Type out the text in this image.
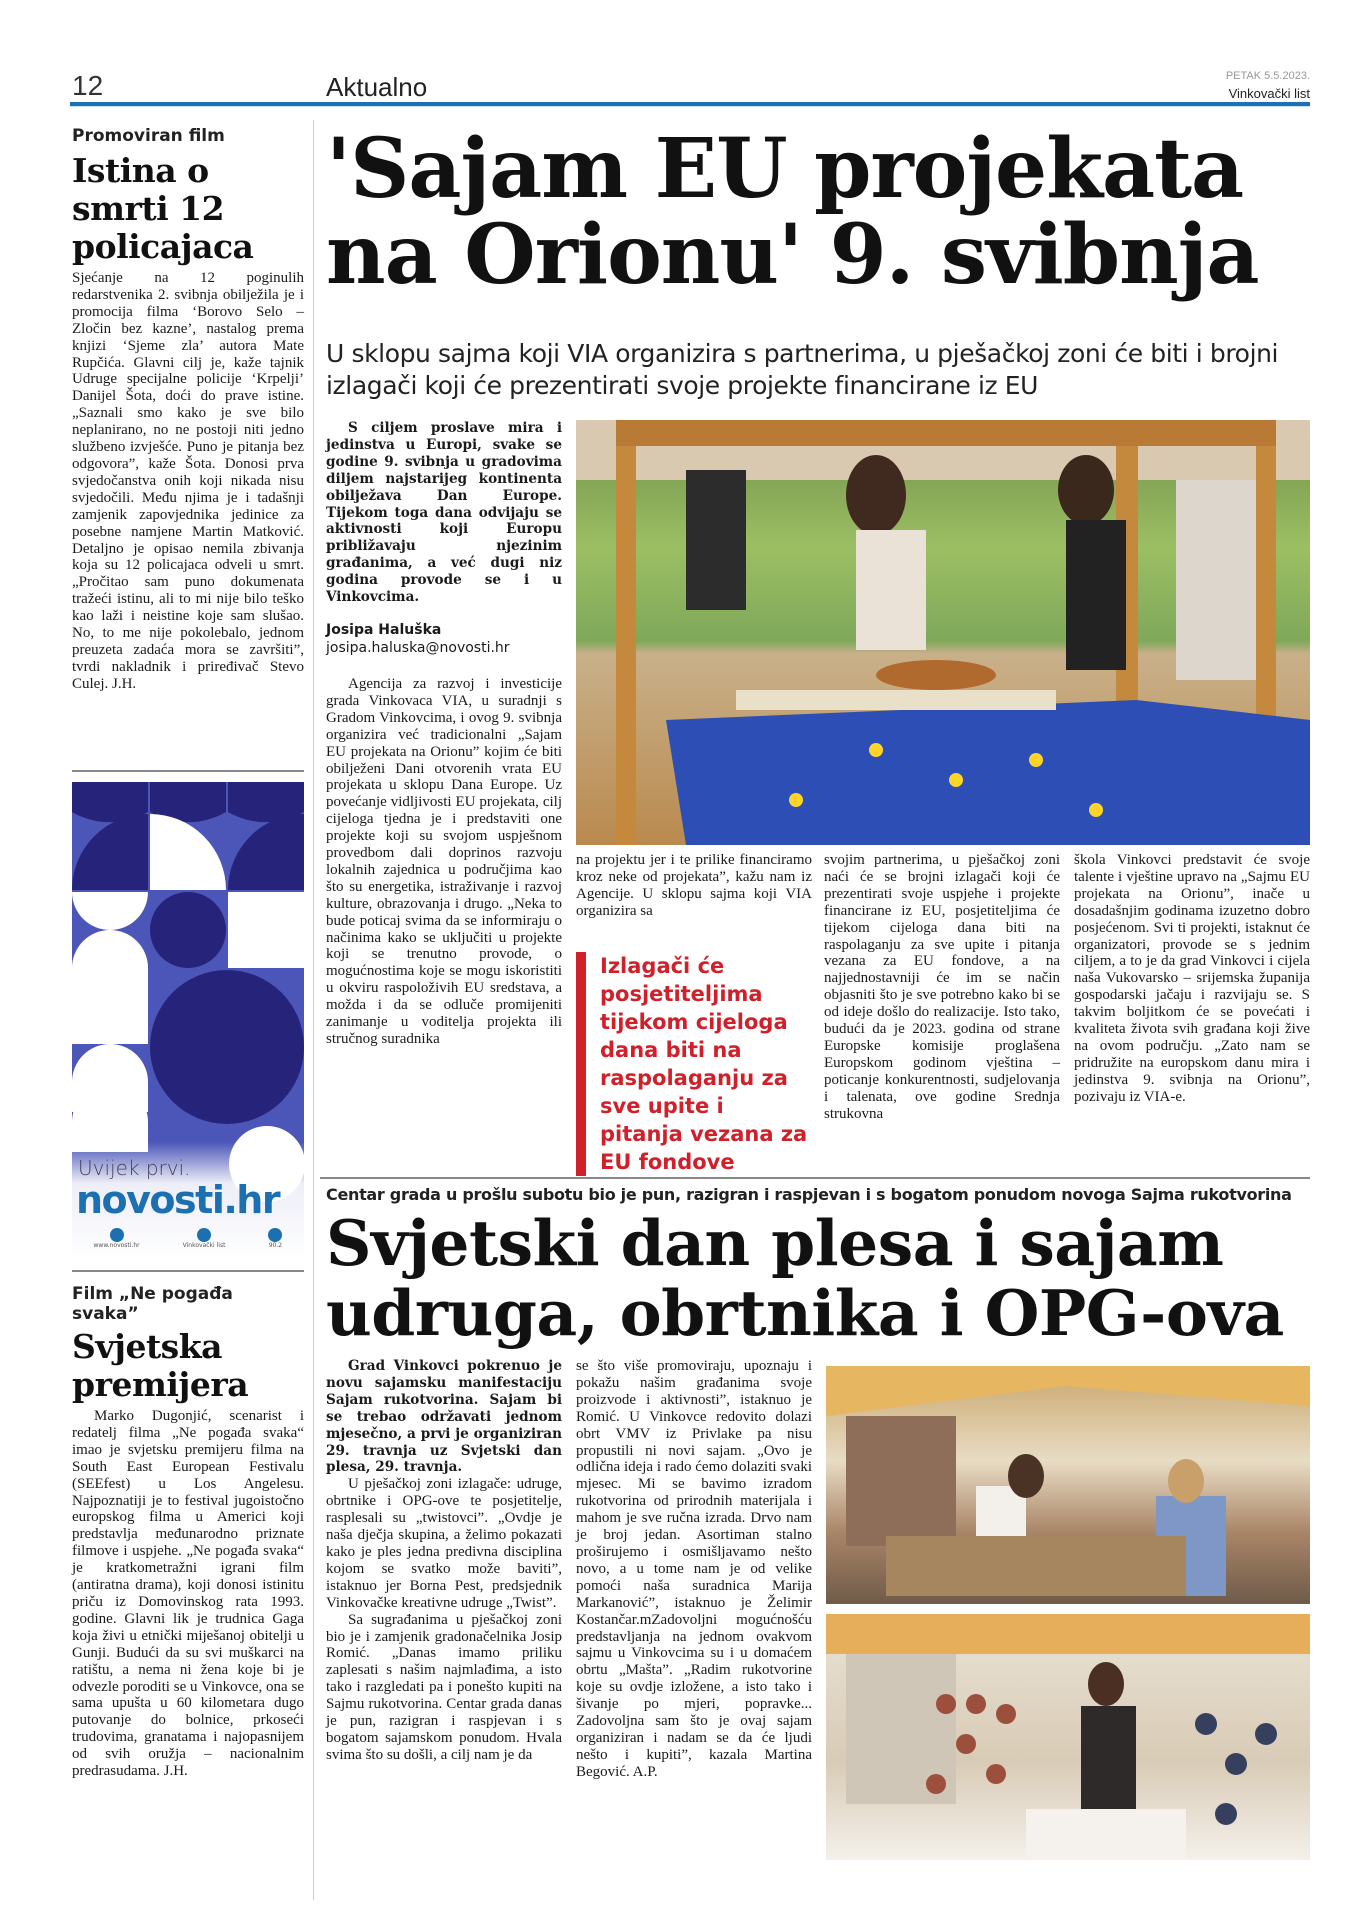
12	Aktualno	PETAK 5.5.2023.
Vinkovački list
Promoviran film
Istina o smrti 12 policajaca
Sjećanje na 12 poginulih redarstvenika 2. svibnja obilježila je i promocija filma ‘Borovo Selo – Zločin bez kazne’, nastalog prema knjizi ‘Sjeme zla’ autora Mate Rupčića. Glavni cilj je, kaže tajnik Udruge specijalne policije ‘Krpelji’ Danijel Šota, doći do prave istine. „Saznali smo kako je sve bilo neplanirano, no ne postoji niti jedno službeno izvješće. Puno je pitanja bez odgovora”, kaže Šota. Donosi prva svjedočanstva onih koji nikada nisu svjedočili. Među njima je i tadašnji zamjenik zapovjednika jedinice za posebne namjene Martin Matković. Detaljno je opisao nemila zbivanja koja su 12 policajaca odveli u smrt. „Pročitao sam puno dokumenata tražeći istinu, ali to mi nije bilo teško kao laži i neistine koje sam slušao. No, to me nije pokolebalo, jednom preuzeta zadaća mora se završiti”, tvrdi nakladnik i priređivač Stevo Culej. J.H.
Uvijek prvi.
novosti.hr
www.novosti.hr	Vinkovački list	90.2
Film „Ne pogađa svaka”
Svjetska premijera

Marko Dugonjić, scenarist i redatelj filma „Ne pogađa svaka“ imao je svjetsku premijeru filma na South East European Festivalu (SEEfest) u Los Angelesu. Najpoznatiji je to festival jugoistočno europskog filma u Americi koji predstavlja međunarodno priznate filmove i uspjehe. „Ne pogađa svaka“ je kratkometražni igrani film (antiratna drama), koji donosi istinitu priču iz Domovinskog rata 1993. godine. Glavni lik je trudnica Gaga koja živi u etnički miješanoj obitelji u Gunji. Budući da su svi muškarci na ratištu, a nema ni žena koje bi je odvezle poroditi se u Vinkovce, ona se sama upušta u 60 kilometara dugo putovanje do bolnice, prkoseći trudovima, granatama i najopasnijem od svih oružja – nacionalnim predrasudama. J.H.

'Sajam EU projekata na Orionu' 9. svibnja
U sklopu sajma koji VIA organizira s partnerima, u pješačkoj zoni će biti i brojni izlagači koji će prezentirati svoje projekte financirane iz EU
S ciljem proslave mira i jedinstva u Europi, svake se godine 9. svibnja u gradovima diljem najstarijeg kontinenta obilježava Dan Europe. Tijekom toga dana odvijaju se aktivnosti koji Europu približavaju njezinim građanima, a već dugi niz godina provode se i u Vinkovcima.
Josipa Haluška
josipa.haluska@novosti.hr

Agencija za razvoj i investicije grada Vinkovaca VIA, u suradnji s Gradom Vinkovcima, i ovog 9. svibnja organizira već tradicionalni „Sajam EU projekata na Orionu” kojim će biti obilježeni Dani otvorenih vrata EU projekata u sklopu Dana Europe. Uz povećanje vidljivosti EU projekata, cilj cijeloga tjedna je i predstaviti one projekte koji su svojom uspješnom provedbom dali doprinos razvoju lokalnih zajednica u područjima kao što su energetika, istraživanje i razvoj kulture, obrazovanja i drugo. „Neka to bude poticaj svima da se informiraju o načinima kako se uključiti u projekte koji se trenutno provode, o mogućnostima koje se mogu iskoristiti u okviru raspoloživih EU sredstava, a možda i da se odluče promijeniti zanimanje u voditelja projekta ili stručnog suradnika

na projektu jer i te prilike financiramo kroz neke od projekata”, kažu nam iz Agencije. U sklopu sajma koji VIA organizira sa

Izlagači će posjetiteljima tijekom cijeloga dana biti na raspolaganju za sve upite i pitanja vezana za EU fondove

svojim partnerima, u pješačkoj zoni naći će se brojni izlagači koji će prezentirati svoje uspjehe i projekte financirane iz EU, posjetiteljima će tijekom cijeloga dana biti na raspolaganju za sve upite i pitanja vezana za EU fondove, a na najjednostavniji će im se način objasniti što je sve potrebno kako bi se od ideje došlo do realizacije. Isto tako, budući da je 2023. godina od strane Europske komisije proglašena Europskom godinom vještina – poticanje konkurentnosti, sudjelovanja i talenata, ove godine Srednja strukovna

škola Vinkovci predstavit će svoje talente i vještine upravo na „Sajmu EU projekata na Orionu”, inače u dosadašnjim godinama izuzetno dobro posjećenom. Svi ti projekti, istaknut će organizatori, provode se s jednim ciljem, a to je da grad Vinkovci i cijela naša Vukovarsko – srijemska županija gospodarski jačaju i razvijaju se. S takvim boljitkom će se povećati i kvaliteta života svih građana koji žive na ovom području. „Zato nam se pridružite na europskom danu mira i jedinstva 9. svibnja na Orionu”, pozivaju iz VIA-e.

Centar grada u prošlu subotu bio je pun, razigran i raspjevan i s bogatom ponudom novoga Sajma rukotvorina
Svjetski dan plesa i sajam udruga, obrtnika i OPG-ova
Grad Vinkovci pokrenuo je novu sajamsku manifestaciju Sajam rukotvorina. Sajam bi se trebao održavati jednom mjesečno, a prvi je organiziran 29. travnja uz Svjetski dan plesa, 29. travnja.

U pješačkoj zoni izlagače: udruge, obrtnike i OPG-ove te posjetitelje, rasplesali su „twistovci”. „Ovdje je naša dječja skupina, a želimo pokazati kako je ples jedna predivna disciplina kojom se svatko može baviti”, istaknuo jer Borna Pest, predsjednik Vinkovačke kreativne udruge „Twist”.

Sa sugrađanima u pješačkoj zoni bio je i zamjenik gradonačelnika Josip Romić. „Danas imamo priliku zaplesati s našim najmlađima, a isto tako i razgledati pa i ponešto kupiti na Sajmu rukotvorina. Centar grada danas je pun, razigran i raspjevan i s bogatom sajamskom ponudom. Hvala svima što su došli, a cilj nam je da

se što više promoviraju, upoznaju i pokažu našim građanima svoje proizvode i aktivnosti”, istaknuo je Romić. U Vinkovce redovito dolazi obrt VMV iz Privlake pa nisu propustili ni novi sajam. „Ovo je odlična ideja i rado ćemo dolaziti svaki mjesec. Mi se bavimo izradom rukotvorina od prirodnih materijala i mahom je sve ručna izrada. Drvo nam je broj jedan. Asortiman stalno proširujemo i osmišljavamo nešto novo, a u tome nam je od velike pomoći naša suradnica Marija Markanović”, istaknuo je Želimir Kostančar.mZadovoljni mogućnošću predstavljanja na jednom ovakvom sajmu u Vinkovcima su i u domaćem obrtu „Mašta”. „Radim rukotvorine koje su ovdje izložene, a isto tako i šivanje po mjeri, popravke... Zadovoljna sam što je ovaj sajam organiziran i nadam se da će ljudi nešto i kupiti”, kazala Martina Begović. A.P.
